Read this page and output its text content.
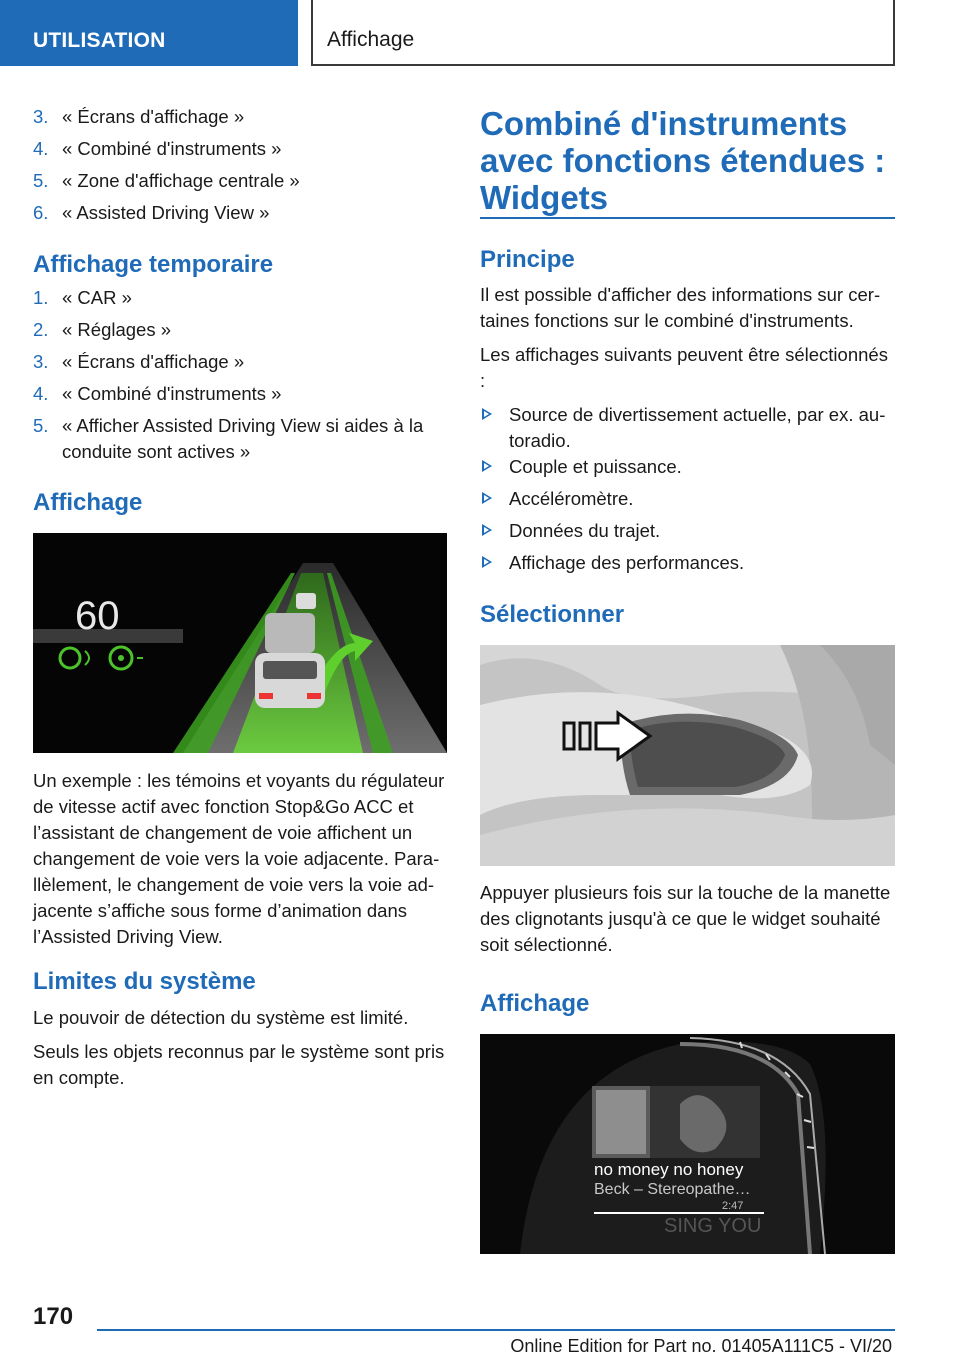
UTILISATION	Affichage
3. « Écrans d'affichage »
4. « Combiné d'instruments »
5. « Zone d'affichage centrale »
6. « Assisted Driving View »
Affichage temporaire
1. « CAR »
2. « Réglages »
3. « Écrans d'affichage »
4. « Combiné d'instruments »
5. « Afficher Assisted Driving View si aides à la conduite sont actives »
Affichage
60
Un exemple : les témoins et voyants du régulateur de vitesse actif avec fonction Stop&Go ACC et l’assistant de changement de voie affichent un changement de voie vers la voie adjacente. Parallèlement, le changement de voie vers la voie adjacente s’affiche sous forme d’animation dans l’Assisted Driving View.
Limites du système
Le pouvoir de détection du système est limité.
Seuls les objets reconnus par le système sont pris en compte.
Combiné d'instruments avec fonctions étendues : Widgets
Principe
Il est possible d'afficher des informations sur certaines fonctions sur le combiné d'instruments.
Les affichages suivants peuvent être sélectionnés :
Source de divertissement actuelle, par ex. autoradio.
Couple et puissance.
Accéléromètre.
Données du trajet.
Affichage des performances.
Sélectionner
Appuyer plusieurs fois sur la touche de la manette des clignotants jusqu'à ce que le widget souhaité soit sélectionné.
Affichage
no money no honey
Beck – Stereopathe…
2:47
SING YOU
170
Online Edition for Part no. 01405A111C5 - VI/20
